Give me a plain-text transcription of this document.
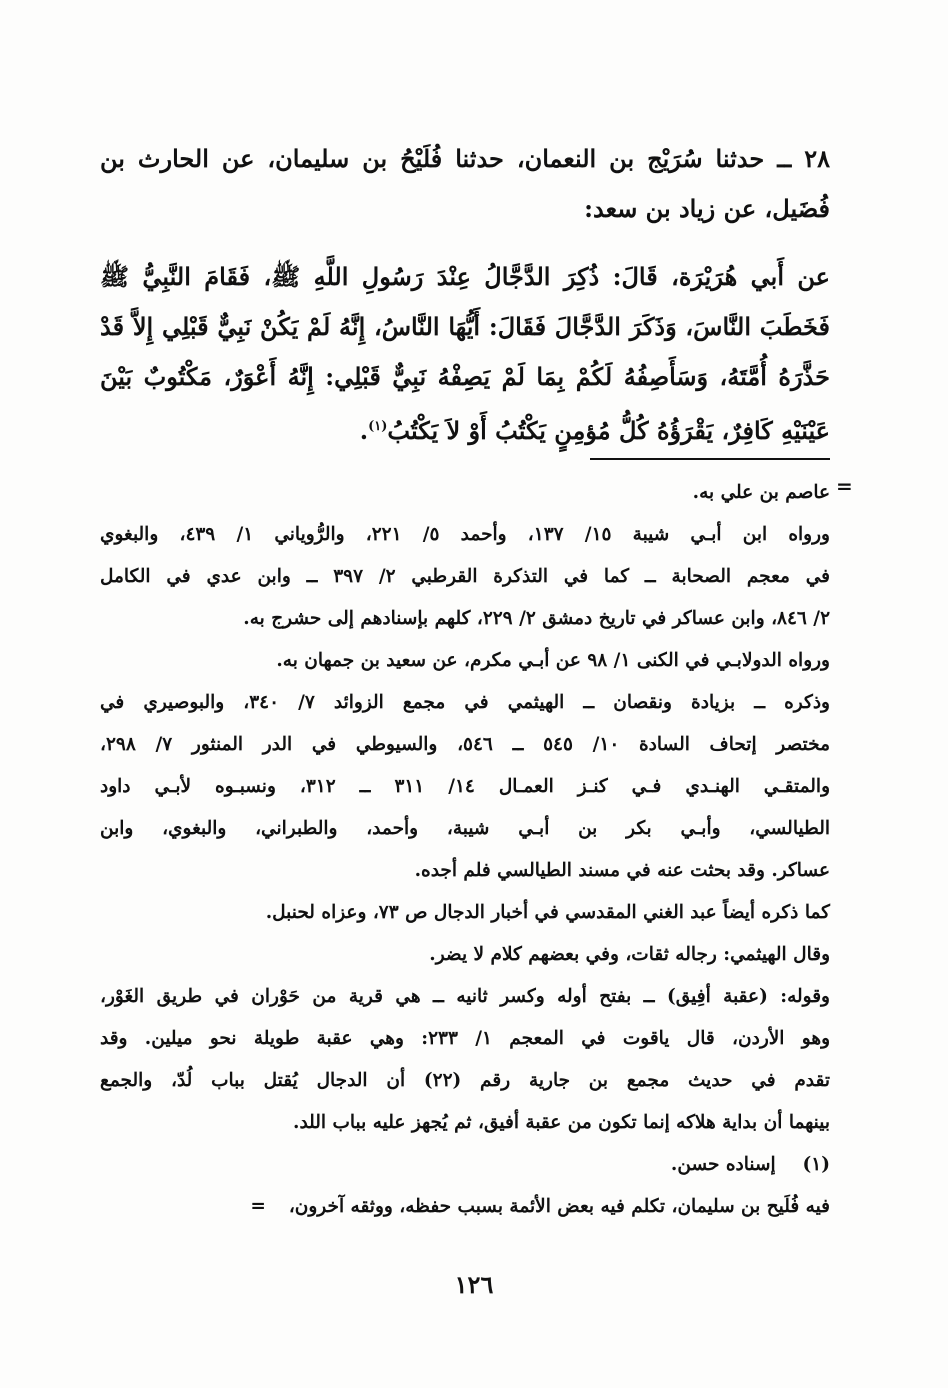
٢٨ ــ حدثنا سُرَيْج بن النعمان، حدثنا فُلَيْحُ بن سليمان، عن الحارث بن فُضَيل، عن زياد بن سعد:

عن أَبي هُرَيْرَة، قَالَ: ذُكِرَ الدَّجَّالُ عِنْدَ رَسُولِ اللَّهِ ﷺ، فَقَامَ النَّبِيُّ ﷺ فَخَطَبَ النَّاسَ، وَذَكَرَ الدَّجَّالَ فَقَالَ: أَيُّهَا النَّاسُ، إِنَّهُ لَمْ يَكُنْ نَبِيٌّ قَبْلِي إِلاَّ قَدْ حَذَّرَهُ أُمَّتَهُ، وَسَأَصِفُهُ لَكُمْ بِمَا لَمْ يَصِفْهُ نَبِيٌّ قَبْلِي: إِنَّهُ أَعْوَرٌ، مَكْتُوبٌ بَيْنَ عَيْنَيْهِ كَافِرٌ، يَقْرَؤُهُ كُلُّ مُؤمِنٍ يَكْتُبُ أَوْ لاَ يَكْتُبُ$^{(١)}$.

=

عاصم بن علي به.

ورواه ابن أبـي شيبة ١٥/ ١٣٧، وأحمد ٥/ ٢٢١، والرُّوياني ١/ ٤٣٩، والبغوي

في معجم الصحابة ــ كما في التذكرة القرطبي ٢/ ٣٩٧ ــ وابن عدي في الكامل

٢/ ٨٤٦، وابن عساكر في تاريخ دمشق ٢/ ٢٢٩، كلهم بإسنادهم إلى حشرج به.

ورواه الدولابـي في الكنى ١/ ٩٨ عن أبـي مكرم، عن سعيد بن جمهان به.

وذكره ــ بزيادة ونقصان ــ الهيثمي في مجمع الزوائد ٧/ ٣٤٠، والبوصيري في

مختصر إتحاف السادة ١٠/ ٥٤٥ ــ ٥٤٦، والسيوطي في الدر المنثور ٧/ ٢٩٨،

والمتقـي الهنـدي فـي كنـز العمـال ١٤/ ٣١١ ــ ٣١٢، ونسبـوه لأبـي داود

الطيالسي، وأبـي بكر بن أبـي شيبة، وأحمد، والطبراني، والبغوي، وابن

عساكر. وقد بحثت عنه في مسند الطيالسي فلم أجده.

كما ذكره أيضاً عبد الغني المقدسي في أخبار الدجال ص ٧٣، وعزاه لحنبل.

وقال الهيثمي: رجاله ثقات، وفي بعضهم كلام لا يضر.

وقوله: (عقبة أفِيق) ــ بفتح أوله وكسر ثانيه ــ هي قرية من حَوْران في طريق الغَوْر،

وهو الأردن، قال ياقوت في المعجم ١/ ٢٣٣: وهي عقبة طويلة نحو ميلين. وقد

تقدم في حديث مجمع بن جارية رقم (٢٢) أن الدجال يُقتل بباب لُدّ، والجمع

بينهما أن بداية هلاكه إنما تكون من عقبة أفيق، ثم يُجهز عليه بباب اللد.

(١)  إسناده حسن.

فيه فُلَيح بن سليمان، تكلم فيه بعض الأئمة بسبب حفظه، ووثقه آخرون،  =

١٢٦
